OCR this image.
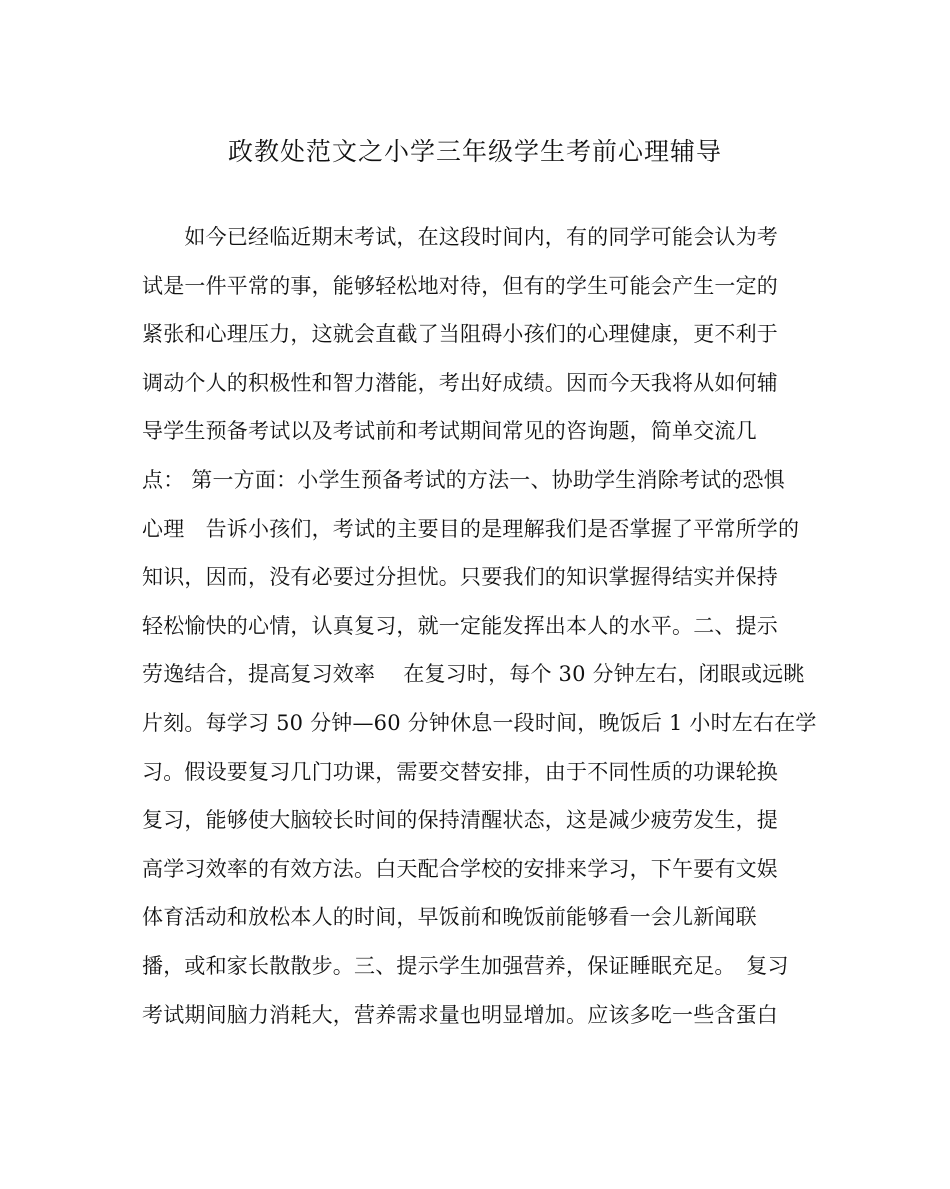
政教处范文之小学三年级学生考前心理辅导
　　如今已经临近期末考试，在这段时间内，有的同学可能会认为考
试是一件平常的事，能够轻松地对待，但有的学生可能会产生一定的
紧张和心理压力，这就会直截了当阻碍小孩们的心理健康，更不利于
调动个人的积极性和智力潜能，考出好成绩。因而今天我将从如何辅
导学生预备考试以及考试前和考试期间常见的咨询题，简单交流几
点： 第一方面：小学生预备考试的方法一、协助学生消除考试的恐惧
心理　告诉小孩们，考试的主要目的是理解我们是否掌握了平常所学的
知识，因而，没有必要过分担忧。只要我们的知识掌握得结实并保持
轻松愉快的心情，认真复习，就一定能发挥出本人的水平。二、提示
劳逸结合，提高复习效率　 在复习时，每个 30 分钟左右，闭眼或远眺
片刻。每学习 50 分钟—60 分钟休息一段时间，晚饭后 1 小时左右在学
习。假设要复习几门功课，需要交替安排，由于不同性质的功课轮换
复习，能够使大脑较长时间的保持清醒状态，这是减少疲劳发生，提
高学习效率的有效方法。白天配合学校的安排来学习，下午要有文娱
体育活动和放松本人的时间，早饭前和晚饭前能够看一会儿新闻联
播，或和家长散散步。三、提示学生加强营养，保证睡眠充足。　复习
考试期间脑力消耗大，营养需求量也明显增加。应该多吃一些含蛋白
